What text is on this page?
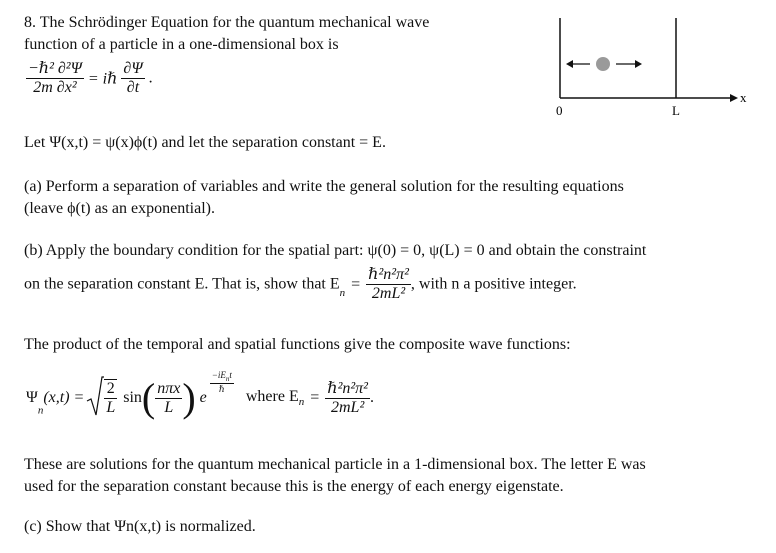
8. The Schrödinger Equation for the quantum mechanical wave
function of a particle in a one-dimensional box is
$\frac{\text{−ℏ² ∂²Ψ}}{\text{2m ∂x²}}$ = iℏ $\frac{\partial\Psi}{\partial t}$ .
0	L
x
Let Ψ(x,t) = ψ(x)ϕ(t) and let the separation constant = E.
(a) Perform a separation of variables and write the general solution for the resulting equations
(leave ϕ(t) as an exponential).
(b) Apply the boundary condition for the spatial part: ψ(0) = 0, ψ(L) = 0 and obtain the constraint
on the separation constant E. That is, show that $E_n = \frac{\text{ℏ²n²π²}}{\text{2mL²}}$ , with n a positive integer.
The product of the temporal and spatial functions give the composite wave functions:
$\Psi_n(x,t) = \frac{2}{L} \sin( \frac{\text{nπx}}{L}$ ) e
$\frac{-iE_nt}{\text{ℏ}}$
where $E_n = \frac{\text{ℏ²n²π²}}{\text{2mL²}}$ .
These are solutions for the quantum mechanical particle in a 1-dimensional box. The letter E was
used for the separation constant because this is the energy of each energy eigenstate.
(c) Show that Ψn(x,t) is normalized.
